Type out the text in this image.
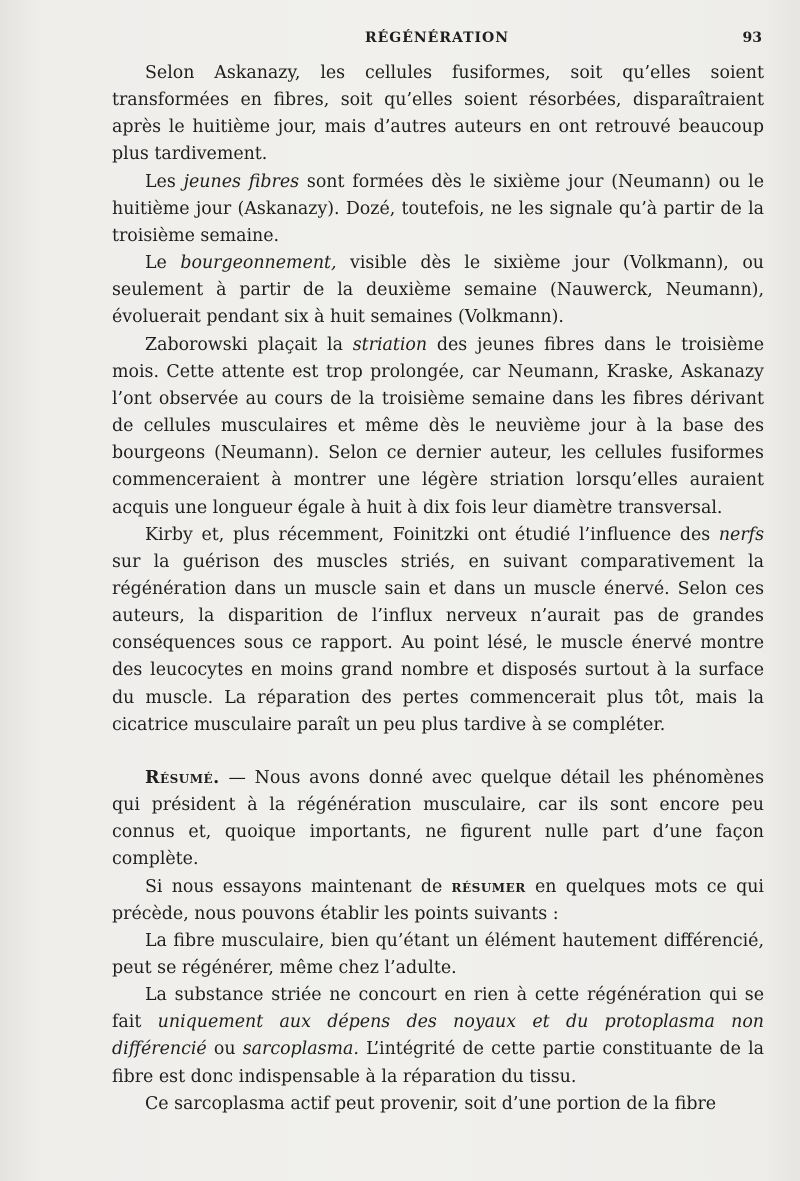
RÉGÉNÉRATION	93

Selon Askanazy, les cellules fusiformes, soit qu’elles soient transformées en fibres, soit qu’elles soient résorbées, disparaîtraient après le huitième jour, mais d’autres auteurs en ont retrouvé beaucoup plus tardivement.

Les jeunes fibres sont formées dès le sixième jour (Neumann) ou le huitième jour (Askanazy). Dozé, toutefois, ne les signale qu’à partir de la troisième semaine.

Le bourgeonnement, visible dès le sixième jour (Volkmann), ou seulement à partir de la deuxième semaine (Nauwerck, Neumann), évoluerait pendant six à huit semaines (Volkmann).

Zaborowski plaçait la striation des jeunes fibres dans le troisième mois. Cette attente est trop prolongée, car Neumann, Kraske, Askanazy l’ont observée au cours de la troisième semaine dans les fibres dérivant de cellules musculaires et même dès le neuvième jour à la base des bourgeons (Neumann). Selon ce dernier auteur, les cellules fusiformes commenceraient à montrer une légère striation lorsqu’elles auraient acquis une longueur égale à huit à dix fois leur diamètre transversal.

Kirby et, plus récemment, Foinitzki ont étudié l’influence des nerfs sur la guérison des muscles striés, en suivant comparativement la régénération dans un muscle sain et dans un muscle énervé. Selon ces auteurs, la disparition de l’influx nerveux n’aurait pas de grandes conséquences sous ce rapport. Au point lésé, le muscle énervé montre des leucocytes en moins grand nombre et disposés surtout à la surface du muscle. La réparation des pertes commencerait plus tôt, mais la cicatrice musculaire paraît un peu plus tardive à se compléter.

Résumé. — Nous avons donné avec quelque détail les phénomènes qui président à la régénération musculaire, car ils sont encore peu connus et, quoique importants, ne figurent nulle part d’une façon complète.

Si nous essayons maintenant de résumer en quelques mots ce qui précède, nous pouvons établir les points suivants :

La fibre musculaire, bien qu’étant un élément hautement différencié, peut se régénérer, même chez l’adulte.

La substance striée ne concourt en rien à cette régénération qui se fait uniquement aux dépens des noyaux et du protoplasma non différencié ou sarcoplasma. L’intégrité de cette partie constituante de la fibre est donc indispensable à la réparation du tissu.

Ce sarcoplasma actif peut provenir, soit d’une portion de la fibre
